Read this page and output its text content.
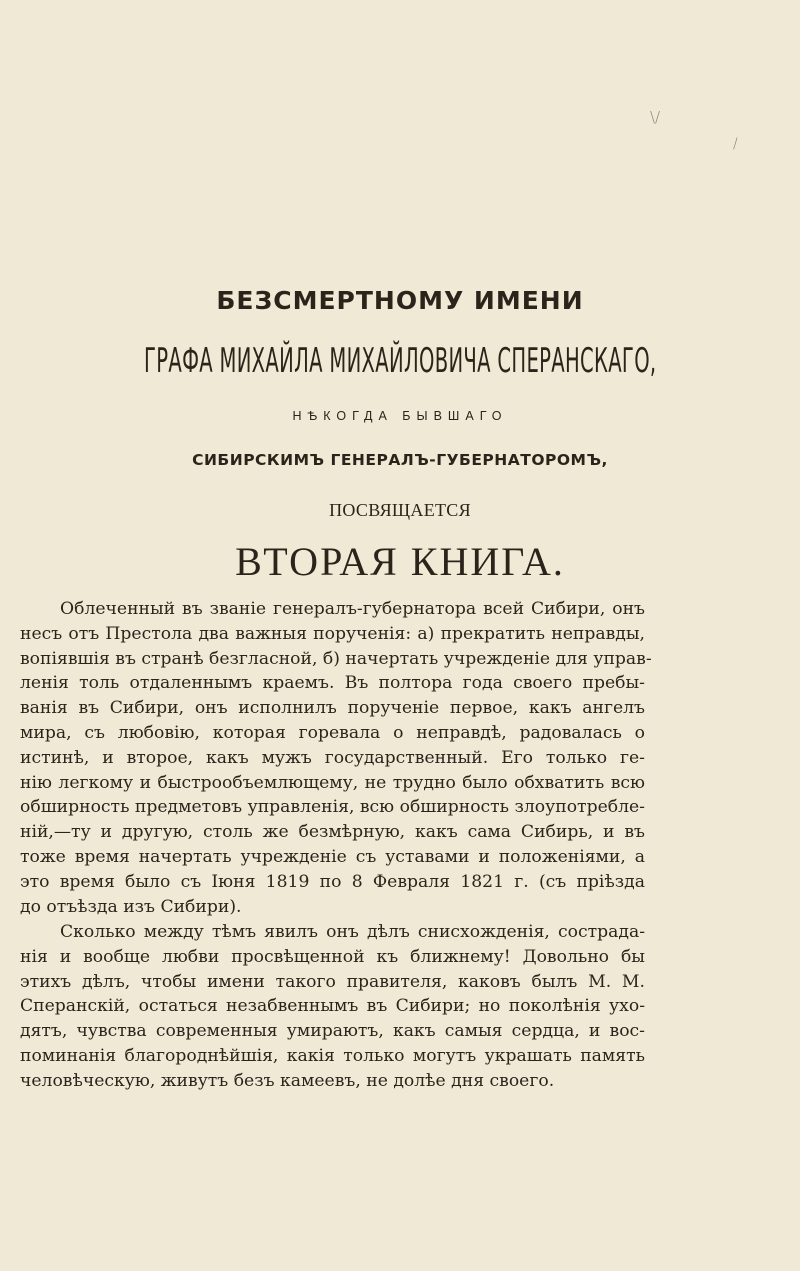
\/
/
БЕЗСМЕРТНОМУ ИМЕНИ
ГРАФА МИХАЙЛА МИХАЙЛОВИЧА СПЕРАНСКАГО,
НѢКОГДА БЫВШАГО
СИБИРСКИМЪ ГЕНЕРАЛЪ-ГУБЕРНАТОРОМЪ,
ПОСВЯЩАЕТСЯ
ВТОРАЯ КНИГА.
Облеченный въ званіе генералъ-губернатора всей Сибири, онъ
несъ отъ Престола два важныя порученія: а) прекратить неправды,
вопіявшія въ странѣ безгласной, б) начертать учрежденіе для управ-
ленія толь отдаленнымъ краемъ. Въ полтора года своего пребы-
ванія въ Сибири, онъ исполнилъ порученіе первое, какъ ангелъ
мира, съ любовію, которая горевала о неправдѣ, радовалась о
истинѣ, и второе, какъ мужъ государственный. Его только ге-
нію легкому и быстрообъемлющему, не трудно было обхватить всю
обширность предметовъ управленія, всю обширность злоупотребле-
ній,—ту и другую, столь же безмѣрную, какъ сама Сибирь, и въ
тоже время начертать учрежденіе съ уставами и положеніями, а
это время было съ Іюня 1819 по 8 Февраля 1821 г. (съ пріѣзда
до отъѣзда изъ Сибири).
Сколько между тѣмъ явилъ онъ дѣлъ снисхожденія, сострада-
нія и вообще любви просвѣщенной къ ближнему! Довольно бы
этихъ дѣлъ, чтобы имени такого правителя, каковъ былъ М. М.
Сперанскій, остаться незабвеннымъ въ Сибири; но поколѣнія ухо-
дятъ, чувства современныя умираютъ, какъ самыя сердца, и вос-
поминанія благороднѣйшія, какія только могутъ украшать память
человѣческую, живутъ безъ камеевъ, не долѣе дня своего.
